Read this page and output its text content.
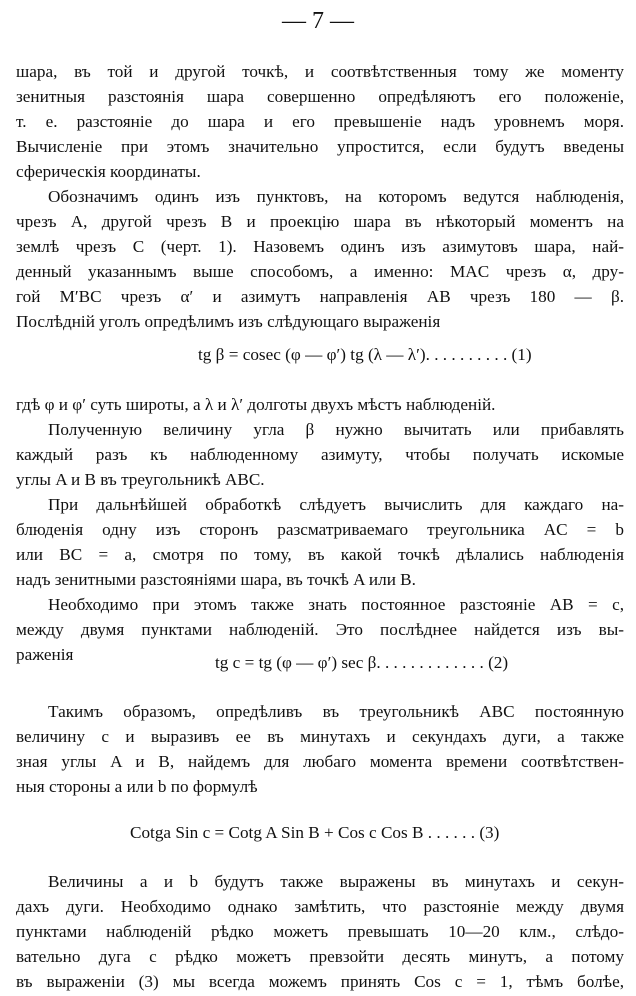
— 7 —
шара, въ той и другой точкѣ, и соотвѣтственныя тому же моменту
зенитныя разстоянія шара совершенно опредѣляютъ его положеніе,
т. е. разстояніе до шара и его превышеніе надъ уровнемъ моря.
Вычисленіе при этомъ значительно упростится, если будутъ введены
сферическія координаты.
Обозначимъ одинъ изъ пунктовъ, на которомъ ведутся наблюденія,
чрезъ A, другой чрезъ B и проекцію шара въ нѣкоторый моментъ на
землѣ чрезъ C (черт. 1). Назовемъ одинъ изъ азимутовъ шара, най-
денный указаннымъ выше способомъ, а именно: MAC чрезъ α, дру-
гой M′BC чрезъ α′ и азимутъ направленія AB чрезъ 180 — β.
Послѣдній уголъ опредѣлимъ изъ слѣдующаго выраженія
tg β = cosec (φ — φ′) tg (λ — λ′). . . . . . . . . . (1)
гдѣ φ и φ′ суть широты, а λ и λ′ долготы двухъ мѣстъ наблюденій.
Полученную величину угла β нужно вычитать или прибавлять
каждый разъ къ наблюденному азимуту, чтобы получать искомые
углы A и B въ треугольникѣ ABC.
При дальнѣйшей обработкѣ слѣдуетъ вычислить для каждаго на-
блюденія одну изъ сторонъ разсматриваемаго треугольника AC = b
или BC = a, смотря по тому, въ какой точкѣ дѣлались наблюденія
надъ зенитными разстояніями шара, въ точкѣ A или B.
Необходимо при этомъ также знать постоянное разстояніе AB = c,
между двумя пунктами наблюденій. Это послѣднее найдется изъ вы-
раженія	tg c = tg (φ — φ′) sec β. . . . . . . . . . . . . (2)
Такимъ образомъ, опредѣливъ въ треугольникѣ ABC постоянную
величину c и выразивъ ее въ минутахъ и секундахъ дуги, а также
зная углы A и B, найдемъ для любаго момента времени соотвѣтствен-
ныя стороны a или b по формулѣ
Cotga Sin c = Cotg A Sin B + Cos c Cos B . . . . . . (3)
Величины a и b будутъ также выражены въ минутахъ и секун-
дахъ дуги. Необходимо однако замѣтить, что разстояніе между двумя
пунктами наблюденій рѣдко можетъ превышать 10—20 клм., слѣдо-
вательно дуга c рѣдко можетъ превзойти десять минутъ, а потому
въ выраженіи (3) мы всегда можемъ принять Cos c = 1, тѣмъ болѣе,
